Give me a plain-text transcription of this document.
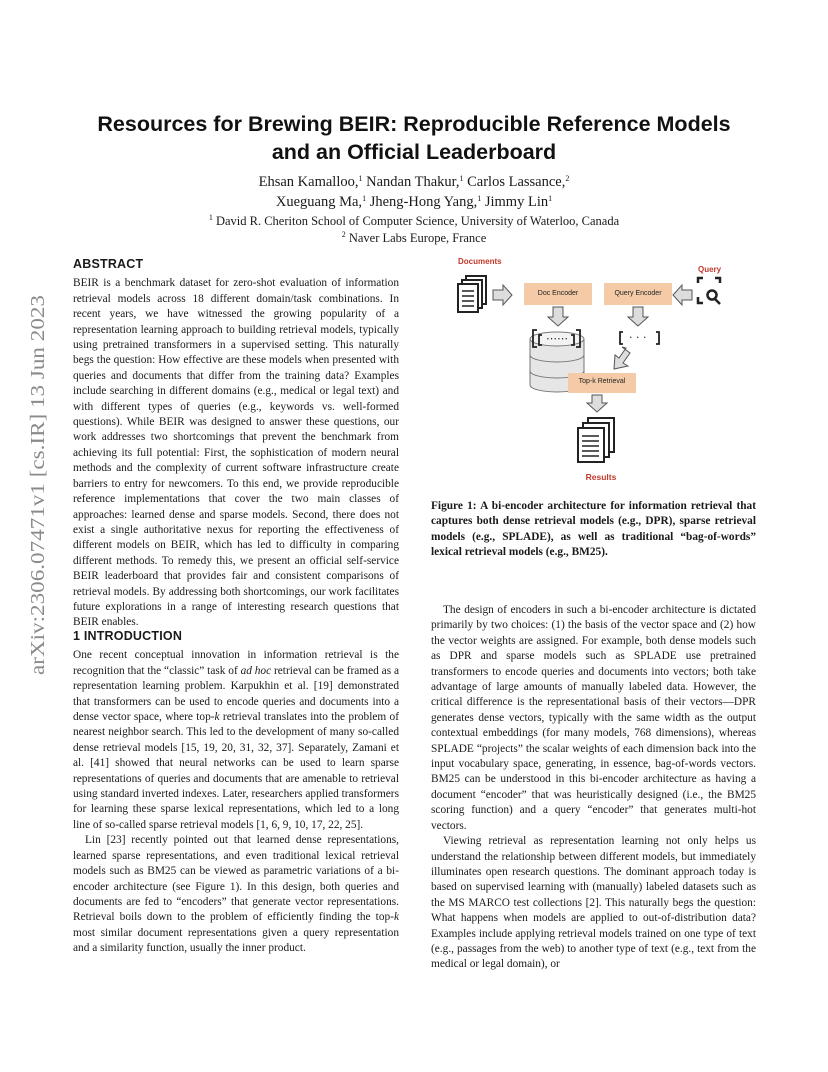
arXiv:2306.07471v1 [cs.IR] 13 Jun 2023
Resources for Brewing BEIR: Reproducible Reference Models
and an Official Leaderboard
Ehsan Kamalloo,$^1$ Nandan Thakur,$^1$ Carlos Lassance,$^2$
Xueguang Ma,$^1$ Jheng-Hong Yang,$^1$ Jimmy Lin$^1$
$^1$ David R. Cheriton School of Computer Science, University of Waterloo, Canada
$^2$ Naver Labs Europe, France
ABSTRACT

BEIR is a benchmark dataset for zero-shot evaluation of information retrieval models across 18 different domain/task combinations. In recent years, we have witnessed the growing popularity of a representation learning approach to building retrieval models, typically using pretrained transformers in a supervised setting. This naturally begs the question: How effective are these models when presented with queries and documents that differ from the training data? Examples include searching in different domains (e.g., medical or legal text) and with different types of queries (e.g., keywords vs. well-formed questions). While BEIR was designed to answer these questions, our work addresses two shortcomings that prevent the benchmark from achieving its full potential: First, the sophistication of modern neural methods and the complexity of current software infrastructure create barriers to entry for newcomers. To this end, we provide reproducible reference implementations that cover the two main classes of approaches: learned dense and sparse models. Second, there does not exist a single authoritative nexus for reporting the effectiveness of different models on BEIR, which has led to difficulty in comparing different methods. To remedy this, we present an official self-service BEIR leaderboard that provides fair and consistent comparisons of retrieval models. By addressing both shortcomings, our work facilitates future explorations in a range of interesting research questions that BEIR enables.

1 INTRODUCTION

One recent conceptual innovation in information retrieval is the recognition that the “classic” task of ad hoc retrieval can be framed as a representation learning problem. Karpukhin et al. [19] demonstrated that transformers can be used to encode queries and documents into a dense vector space, where top-k retrieval translates into the problem of nearest neighbor search. This led to the development of many so-called dense retrieval models [15, 19, 20, 31, 32, 37]. Separately, Zamani et al. [41] showed that neural networks can be used to learn sparse representations of queries and documents that are amenable to retrieval using standard inverted indexes. Later, researchers applied transformers for learning these sparse lexical representations, which led to a long line of so-called sparse retrieval models [1, 6, 9, 10, 17, 22, 25].

Lin [23] recently pointed out that learned dense representations, learned sparse representations, and even traditional lexical retrieval models such as BM25 can be viewed as parametric variations of a bi-encoder architecture (see Figure 1). In this design, both queries and documents are fed to “encoders” that generate vector representations. Retrieval boils down to the problem of efficiently finding the top-k most similar document representations given a query representation and a similarity function, usually the inner product.

⋯⋯	· · ·
Documents
Query
Doc Encoder	Query Encoder
Top-k Retrieval
Results
Figure 1: A bi-encoder architecture for information retrieval that captures both dense retrieval models (e.g., DPR), sparse retrieval models (e.g., SPLADE), as well as traditional “bag-of-words” lexical retrieval models (e.g., BM25).

The design of encoders in such a bi-encoder architecture is dictated primarily by two choices: (1) the basis of the vector space and (2) how the vector weights are assigned. For example, both dense models such as DPR and sparse models such as SPLADE use pretrained transformers to encode queries and documents into vectors; both take advantage of large amounts of manually labeled data. However, the critical difference is the representational basis of their vectors—DPR generates dense vectors, typically with the same width as the output contextual embeddings (for many models, 768 dimensions), whereas SPLADE “projects” the scalar weights of each dimension back into the input vocabulary space, generating, in essence, bag-of-words vectors. BM25 can be understood in this bi-encoder architecture as having a document “encoder” that was heuristically designed (i.e., the BM25 scoring function) and a query “encoder” that generates multi-hot vectors.

Viewing retrieval as representation learning not only helps us understand the relationship between different models, but immediately illuminates open research questions. The dominant approach today is based on supervised learning with (manually) labeled datasets such as the MS MARCO test collections [2]. This naturally begs the question: What happens when models are applied to out-of-distribution data? Examples include applying retrieval models trained on one type of text (e.g., passages from the web) to another type of text (e.g., text from the medical or legal domain), or
